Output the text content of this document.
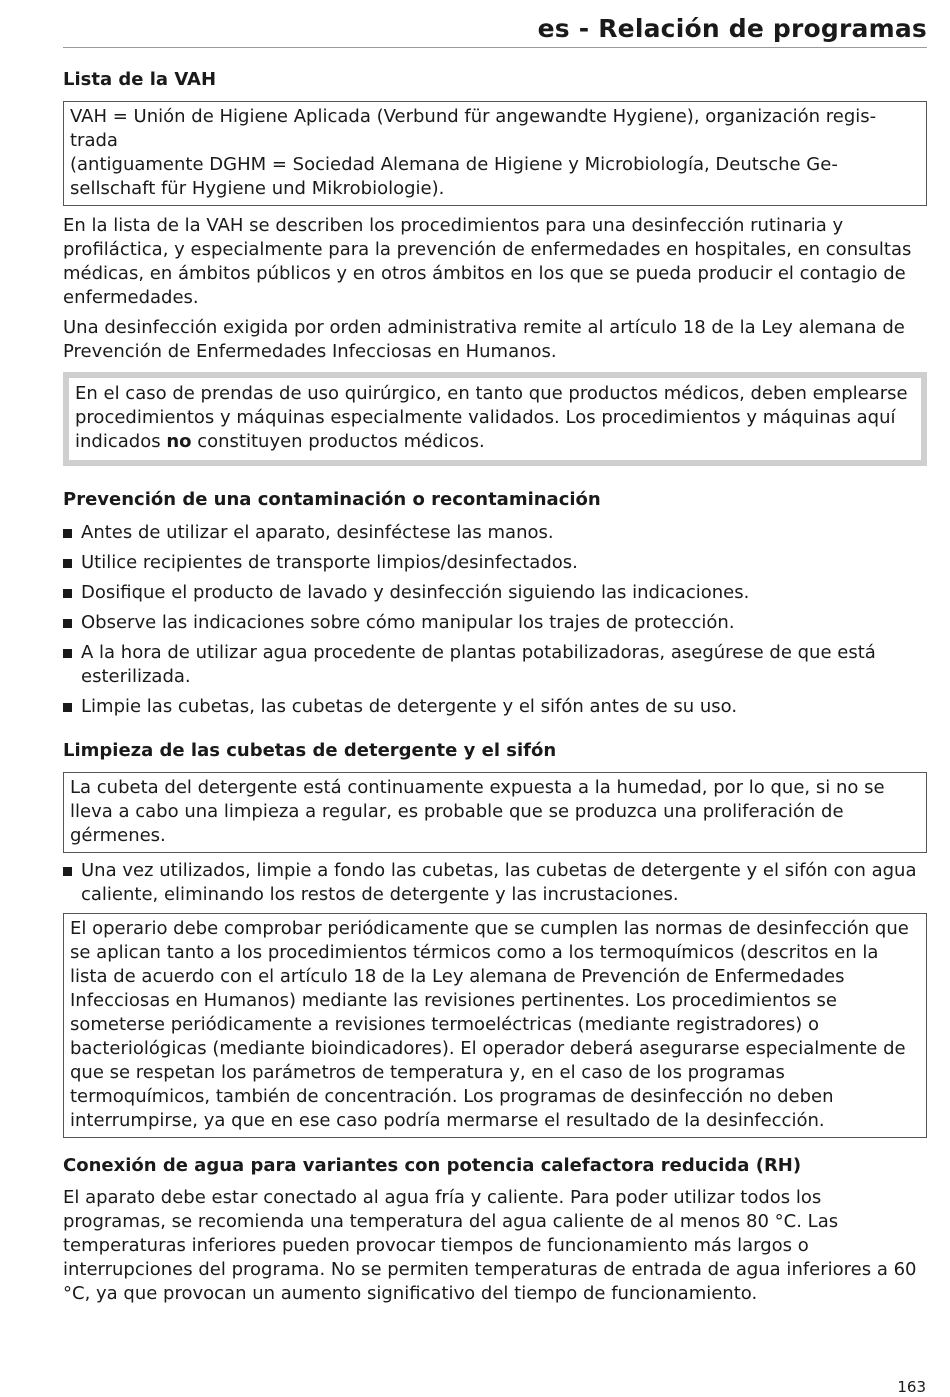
es - Relación de programas
Lista de la VAH
VAH = Unión de Higiene Aplicada (Verbund für angewandte Hygiene), organización regis-
trada
(antiguamente DGHM = Sociedad Alemana de Higiene y Microbiología, Deutsche Ge-
sellschaft für Hygiene und Mikrobiologie).

En la lista de la VAH se describen los procedimientos para una desinfección rutinaria y profiláctica, y especialmente para la prevención de enfermedades en hospitales, en consultas médicas, en ámbitos públicos y en otros ámbitos en los que se pueda producir el contagio de enfermedades.

Una desinfección exigida por orden administrativa remite al artículo 18 de la Ley alemana de Prevención de Enfermedades Infecciosas en Humanos.

En el caso de prendas de uso quirúrgico, en tanto que productos médicos, deben emplearse procedimientos y máquinas especialmente validados. Los procedimientos y máquinas aquí indicados no constituyen productos médicos.
Prevención de una contaminación o recontaminación
Antes de utilizar el aparato, desinféctese las manos.
Utilice recipientes de transporte limpios/desinfectados.
Dosifique el producto de lavado y desinfección siguiendo las indicaciones.
Observe las indicaciones sobre cómo manipular los trajes de protección.
A la hora de utilizar agua procedente de plantas potabilizadoras, asegúrese de que está esterilizada.
Limpie las cubetas, las cubetas de detergente y el sifón antes de su uso.
Limpieza de las cubetas de detergente y el sifón

La cubeta del detergente está continuamente expuesta a la humedad, por lo que, si no se lleva a cabo una limpieza a regular, es probable que se produzca una proliferación de gérmenes.

Una vez utilizados, limpie a fondo las cubetas, las cubetas de detergente y el sifón con agua caliente, eliminando los restos de detergente y las incrustaciones.

El operario debe comprobar periódicamente que se cumplen las normas de desinfección que se aplican tanto a los procedimientos térmicos como a los termoquímicos (descritos en la lista de acuerdo con el artículo 18 de la Ley alemana de Prevención de Enfermedades Infecciosas en Humanos) mediante las revisiones pertinentes. Los procedimientos se someterse periódicamente a revisiones termoeléctricas (mediante registradores) o bacteriológicas (mediante bioindicadores). El operador deberá asegurarse especialmente de que se respetan los parámetros de temperatura y, en el caso de los programas termoquímicos, también de concentración. Los programas de desinfección no deben interrumpirse, ya que en ese caso podría mermarse el resultado de la desinfección.

Conexión de agua para variantes con potencia calefactora reducida (RH)

El aparato debe estar conectado al agua fría y caliente. Para poder utilizar todos los programas, se recomienda una temperatura del agua caliente de al menos 80 °C. Las temperaturas inferiores pueden provocar tiempos de funcionamiento más largos o interrupciones del programa. No se permiten temperaturas de entrada de agua inferiores a 60 °C, ya que provocan un aumento significativo del tiempo de funcionamiento.

163
